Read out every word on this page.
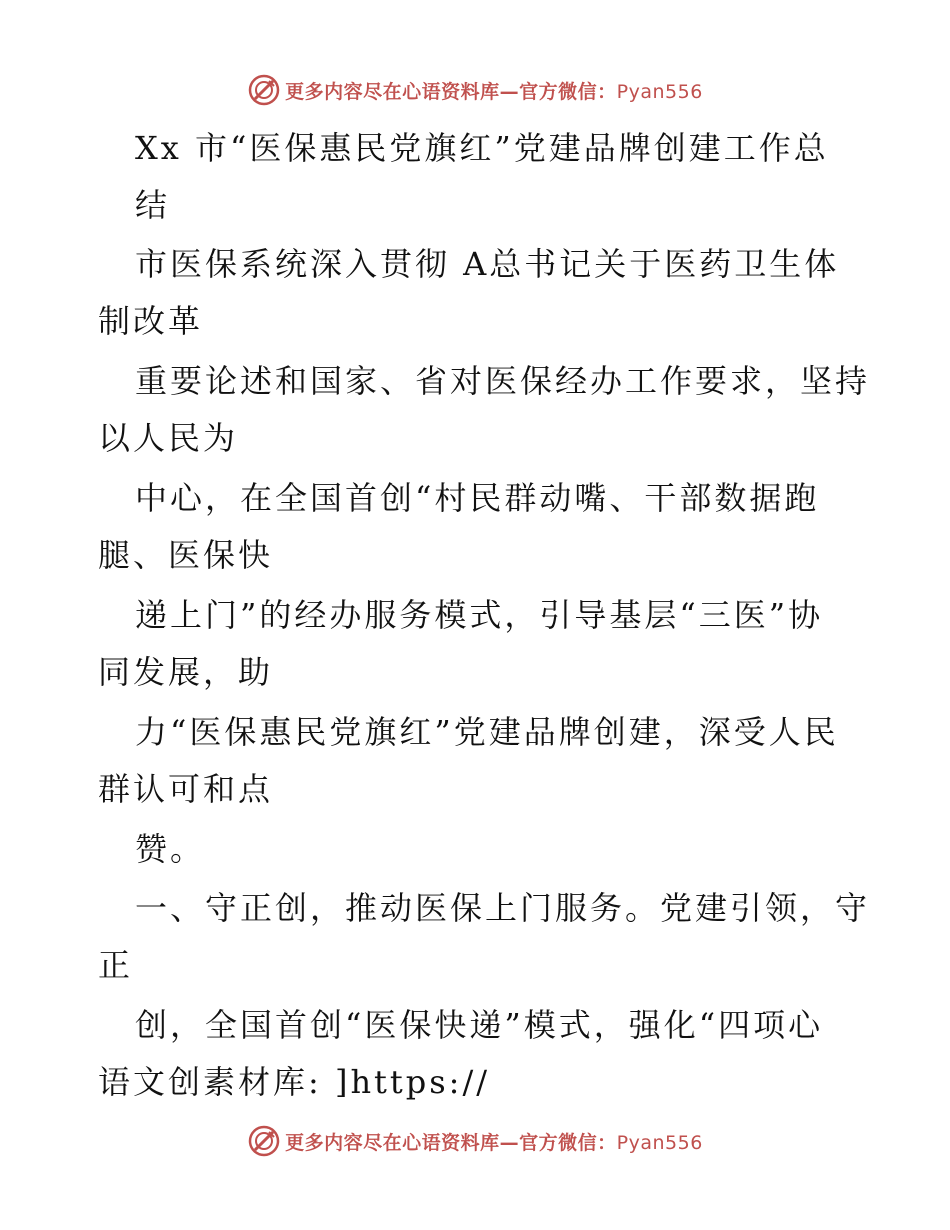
更多内容尽在心语资料库—官方微信：Pyan556
Xx 市“医保惠民党旗红”党建品牌创建工作总
结
市医保系统深入贯彻 A总书记关于医药卫生体
制改革
重要论述和国家、省对医保经办工作要求，坚持
以人民为
中心，在全国首创“村民群动嘴、干部数据跑
腿、医保快
递上门”的经办服务模式，引导基层“三医”协
同发展，助
力“医保惠民党旗红”党建品牌创建，深受人民
群认可和点
赞。
一、守正创，推动医保上门服务。党建引领，守
正
创，全国首创“医保快递”模式，强化“四项心
语文创素材库: ]https://
更多内容尽在心语资料库—官方微信：Pyan556
